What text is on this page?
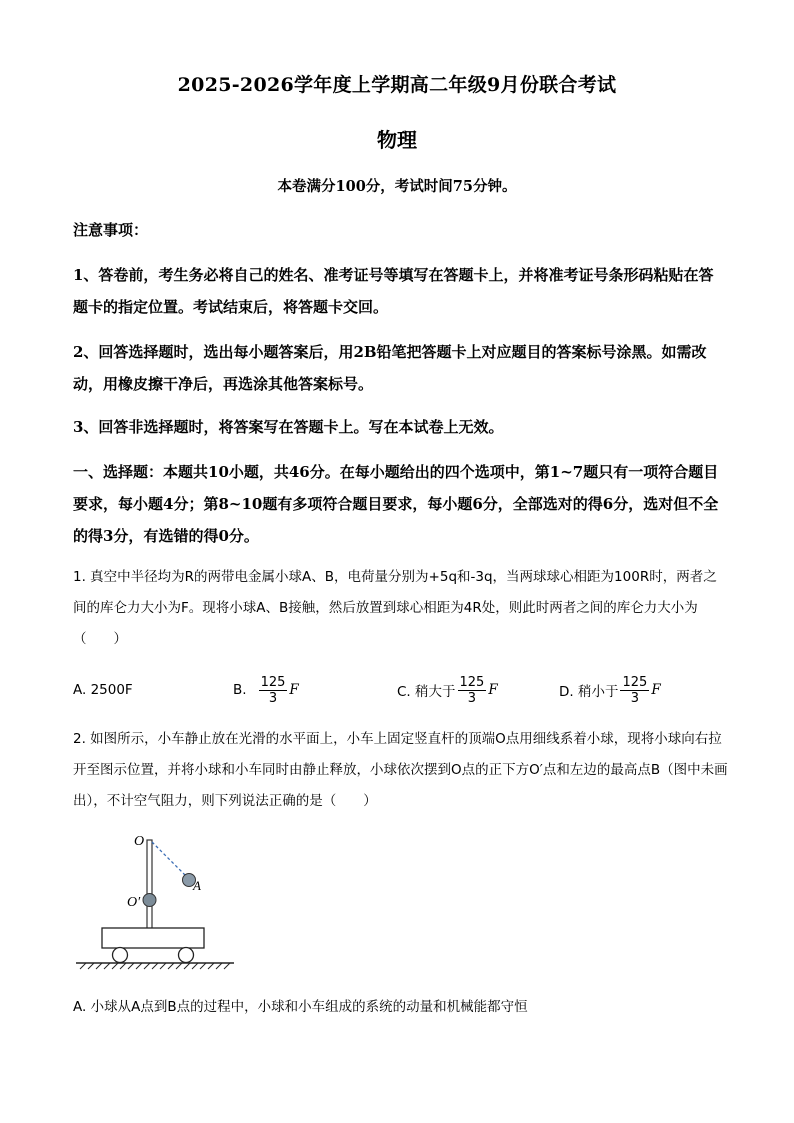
2025-2026学年度上学期高二年级9月份联合考试
物理
本卷满分100分，考试时间75分钟。
注意事项：
1、答卷前，考生务必将自己的姓名、准考证号等填写在答题卡上，并将准考证号条形码粘贴在答题卡的指定位置。考试结束后，将答题卡交回。
2、回答选择题时，选出每小题答案后，用2B铅笔把答题卡上对应题目的答案标号涂黑。如需改动，用橡皮擦干净后，再选涂其他答案标号。
3、回答非选择题时，将答案写在答题卡上。写在本试卷上无效。
一、选择题：本题共10小题，共46分。在每小题给出的四个选项中，第1~7题只有一项符合题目要求，每小题4分；第8~10题有多项符合题目要求，每小题6分，全部选对的得6分，选对但不全的得3分，有选错的得0分。
1. 真空中半径均为R的两带电金属小球A、B，电荷量分别为+5q和-3q，当两球球心相距为100R时，两者之间的库仑力大小为F。现将小球A、B接触，然后放置到球心相距为4R处，则此时两者之间的库仑力大小为（　　）
A. 2500F	B. $\frac{125}{3}$ F	C. 稍大于 $\frac{125}{3}$ F	D. 稍小于 $\frac{125}{3}$ F
2. 如图所示，小车静止放在光滑的水平面上，小车上固定竖直杆的顶端O点用细线系着小球，现将小球向右拉开至图示位置，并将小球和小车同时由静止释放，小球依次摆到O点的正下方O′点和左边的最高点B（图中未画出），不计空气阻力，则下列说法正确的是（　　）
O
O′
A
A. 小球从A点到B点的过程中，小球和小车组成的系统的动量和机械能都守恒
